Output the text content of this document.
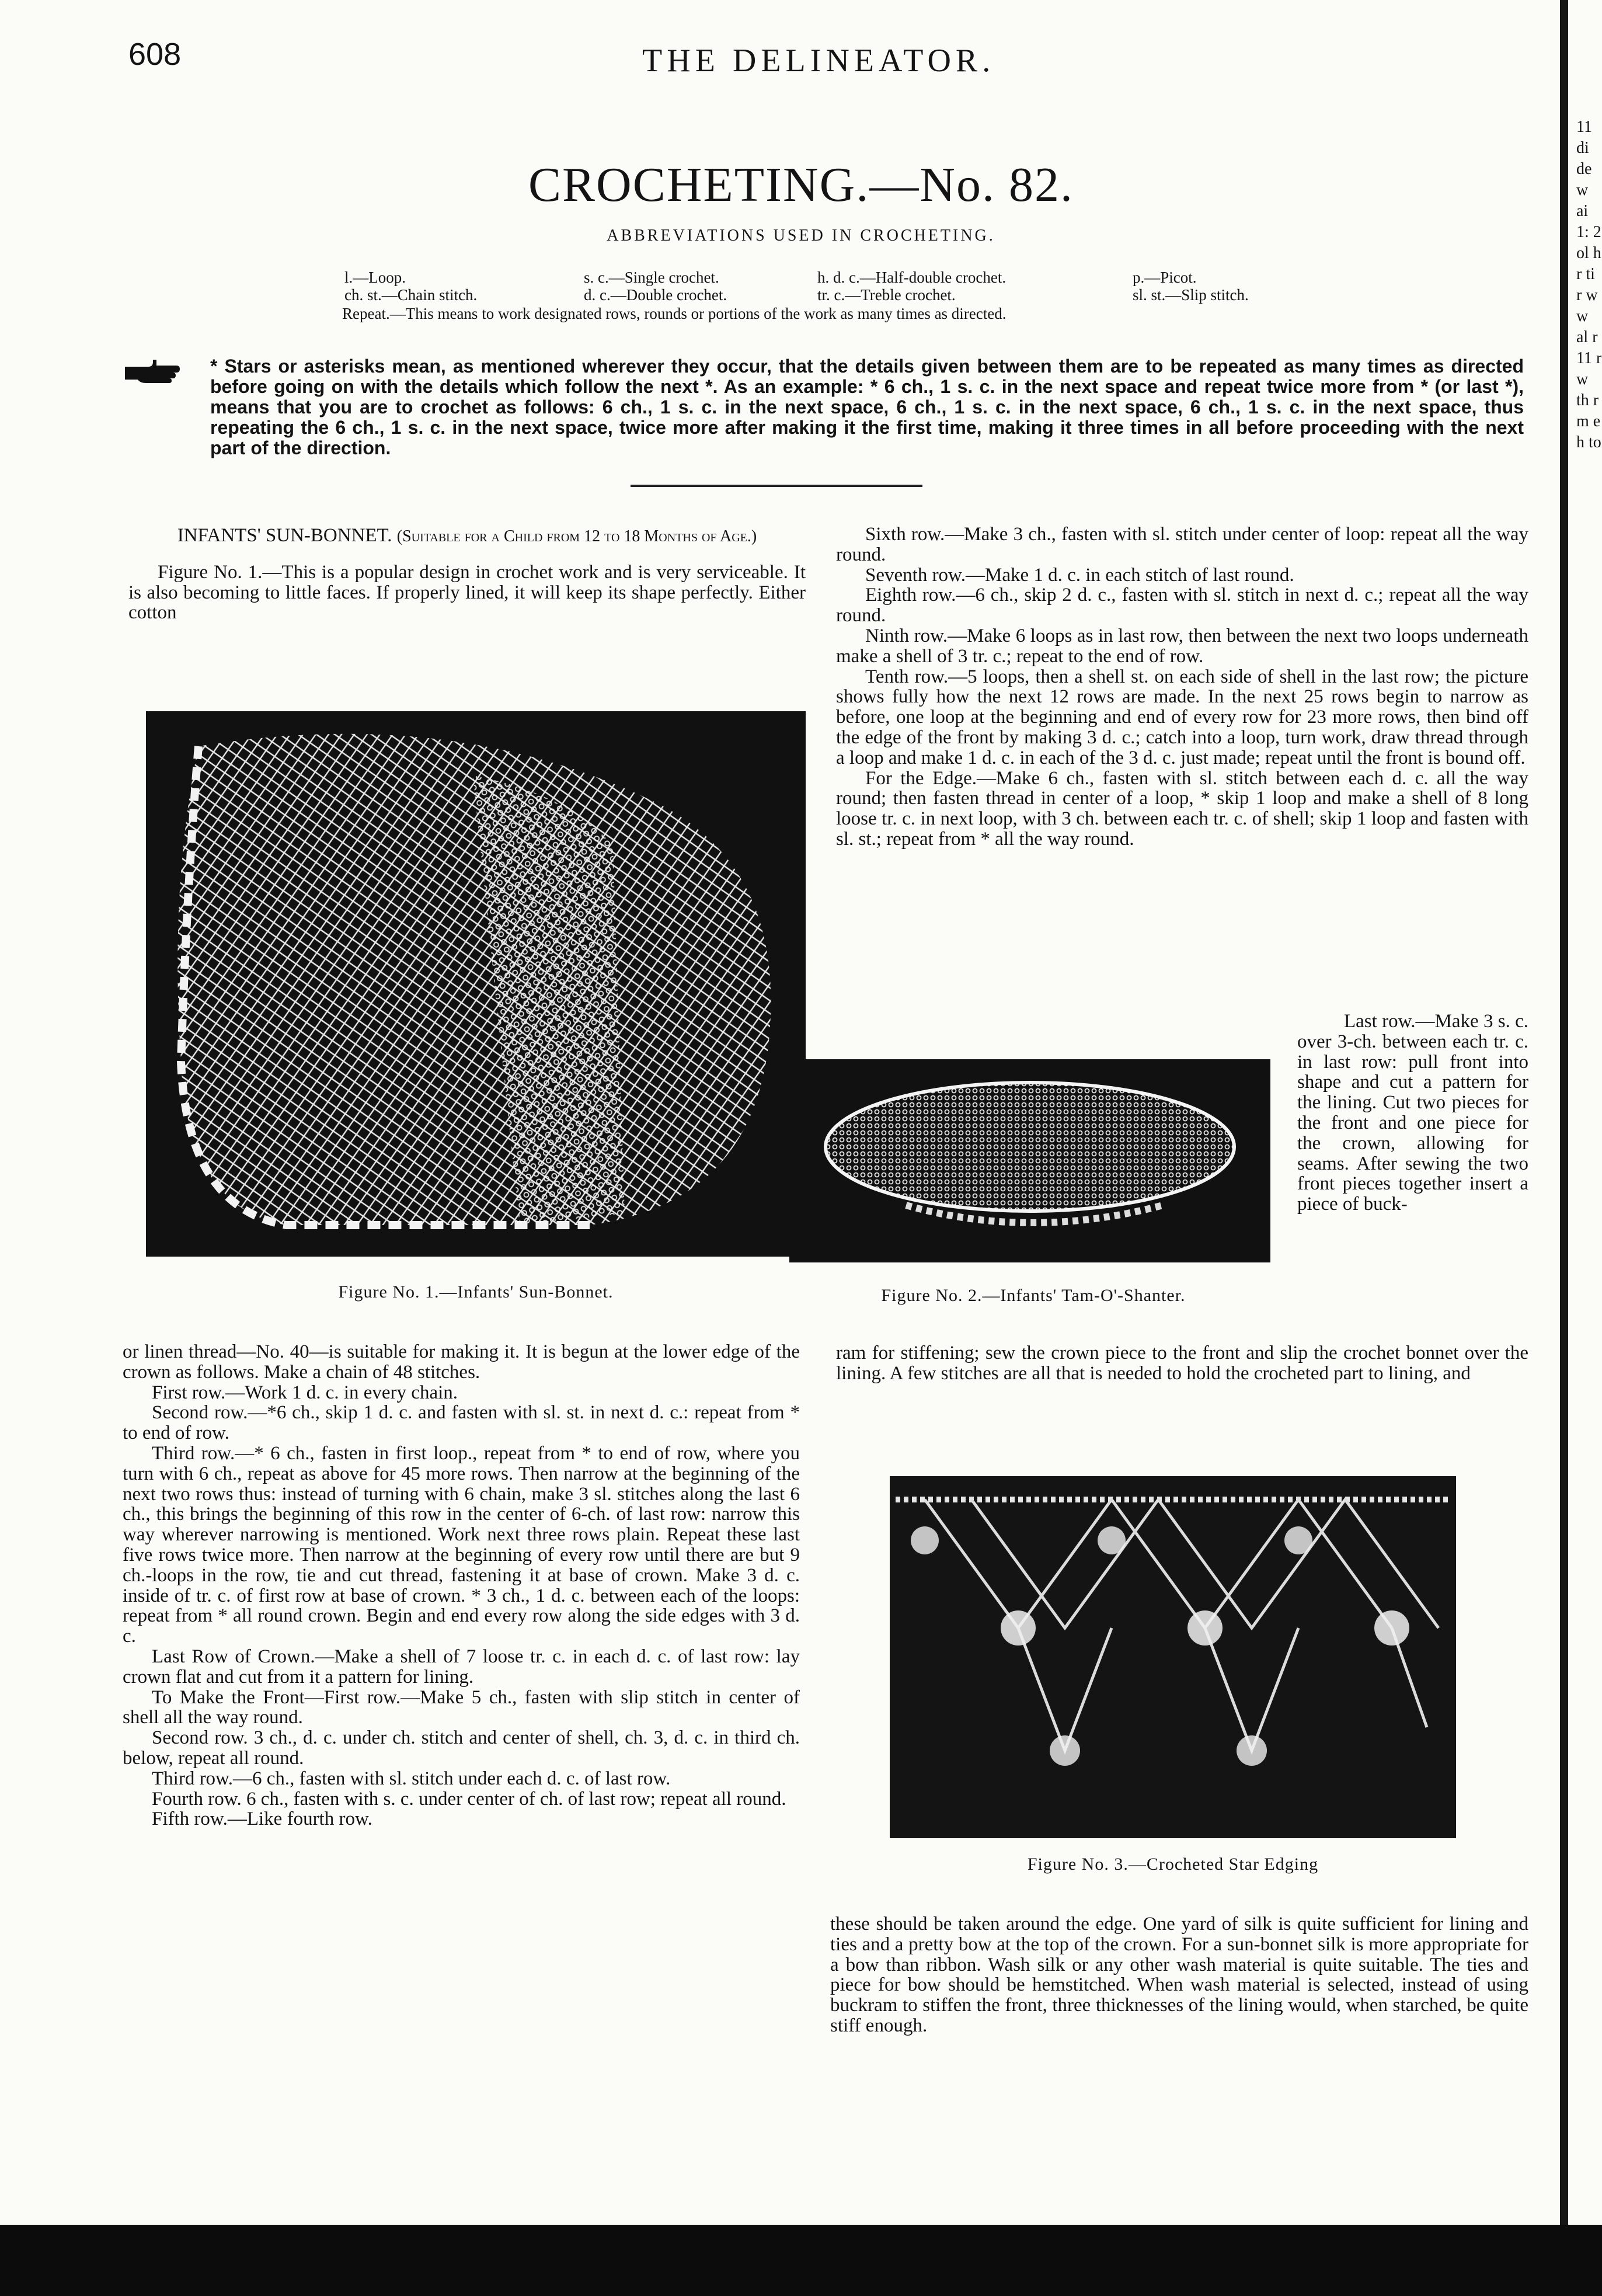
608	THE DELINEATOR.
CROCHETING.—No. 82.
ABBREVIATIONS USED IN CROCHETING.
l.—Loop.	s. c.—Single crochet.	h. d. c.—Half-double crochet.	p.—Picot.
ch. st.—Chain stitch.	d. c.—Double crochet.	tr. c.—Treble crochet.	sl. st.—Slip stitch.
Repeat.—This means to work designated rows, rounds or portions of the work as many times as directed.

* Stars or asterisks mean, as mentioned wherever they occur, that the details given between them are to be repeated as many times as directed before going on with the details which follow the next *. As an example: * 6 ch., 1 s. c. in the next space and repeat twice more from * (or last *), means that you are to crochet as follows: 6 ch., 1 s. c. in the next space, 6 ch., 1 s. c. in the next space, 6 ch., 1 s. c. in the next space, thus repeating the 6 ch., 1 s. c. in the next space, twice more after making it the first time, making it three times in all before proceeding with the next part of the direction.

INFANTS' SUN-BONNET. (Suitable for a Child from 12 to 18 Months of Age.)

Figure No. 1.—This is a popular design in crochet work and is very serviceable. It is also becoming to little faces. If properly lined, it will keep its shape perfectly. Either cotton

Figure No. 1.—Infants' Sun-Bonnet.

or linen thread—No. 40—is suitable for making it. It is begun at the lower edge of the crown as follows. Make a chain of 48 stitches.

First row.—Work 1 d. c. in every chain.

Second row.—*6 ch., skip 1 d. c. and fasten with sl. st. in next d. c.: repeat from * to end of row.

Third row.—* 6 ch., fasten in first loop., repeat from * to end of row, where you turn with 6 ch., repeat as above for 45 more rows. Then narrow at the beginning of the next two rows thus: instead of turning with 6 chain, make 3 sl. stitches along the last 6 ch., this brings the beginning of this row in the center of 6-ch. of last row: narrow this way wherever narrowing is mentioned. Work next three rows plain. Repeat these last five rows twice more. Then narrow at the beginning of every row until there are but 9 ch.-loops in the row, tie and cut thread, fastening it at base of crown. Make 3 d. c. inside of tr. c. of first row at base of crown. * 3 ch., 1 d. c. between each of the loops: repeat from * all round crown. Begin and end every row along the side edges with 3 d. c.

Last Row of Crown.—Make a shell of 7 loose tr. c. in each d. c. of last row: lay crown flat and cut from it a pattern for lining.

To Make the Front—First row.—Make 5 ch., fasten with slip stitch in center of shell all the way round.

Second row. 3 ch., d. c. under ch. stitch and center of shell, ch. 3, d. c. in third ch. below, repeat all round.

Third row.—6 ch., fasten with sl. stitch under each d. c. of last row.

Fourth row. 6 ch., fasten with s. c. under center of ch. of last row; repeat all round.

Fifth row.—Like fourth row.

Sixth row.—Make 3 ch., fasten with sl. stitch under center of loop: repeat all the way round.

Seventh row.—Make 1 d. c. in each stitch of last round.

Eighth row.—6 ch., skip 2 d. c., fasten with sl. stitch in next d. c.; repeat all the way round.

Ninth row.—Make 6 loops as in last row, then between the next two loops underneath make a shell of 3 tr. c.; repeat to the end of row.

Tenth row.—5 loops, then a shell st. on each side of shell in the last row; the picture shows fully how the next 12 rows are made. In the next 25 rows begin to narrow as before, one loop at the beginning and end of every row for 23 more rows, then bind off the edge of the front by making 3 d. c.; catch into a loop, turn work, draw thread through a loop and make 1 d. c. in each of the 3 d. c. just made; repeat until the front is bound off.

For the Edge.—Make 6 ch., fasten with sl. stitch between each d. c. all the way round; then fasten thread in center of a loop, * skip 1 loop and make a shell of 8 long loose tr. c. in next loop, with 3 ch. between each tr. c. of shell; skip 1 loop and fasten with sl. st.; repeat from * all the way round.

Figure No. 2.—Infants' Tam-O'-Shanter.

Last row.—Make 3 s. c. over 3-ch. between each tr. c. in last row: pull front into shape and cut a pattern for the lining. Cut two pieces for the front and one piece for the crown, allowing for seams. After sewing the two front pieces together insert a piece of buck-

ram for stiffening; sew the crown piece to the front and slip the crochet bonnet over the lining. A few stitches are all that is needed to hold the crocheted part to lining, and

Figure No. 3.—Crocheted Star Edging

these should be taken around the edge. One yard of silk is quite sufficient for lining and ties and a pretty bow at the top of the crown. For a sun-bonnet silk is more appropriate for a bow than ribbon. Wash silk or any other wash material is quite suitable. The ties and piece for bow should be hemstitched. When wash material is selected, instead of using buckram to stiffen the front, three thicknesses of the lining would, when starched, be quite stiff enough.

11 di de w ai 1: 2 ol h r ti r w w al r 11 r w th r m e h to
